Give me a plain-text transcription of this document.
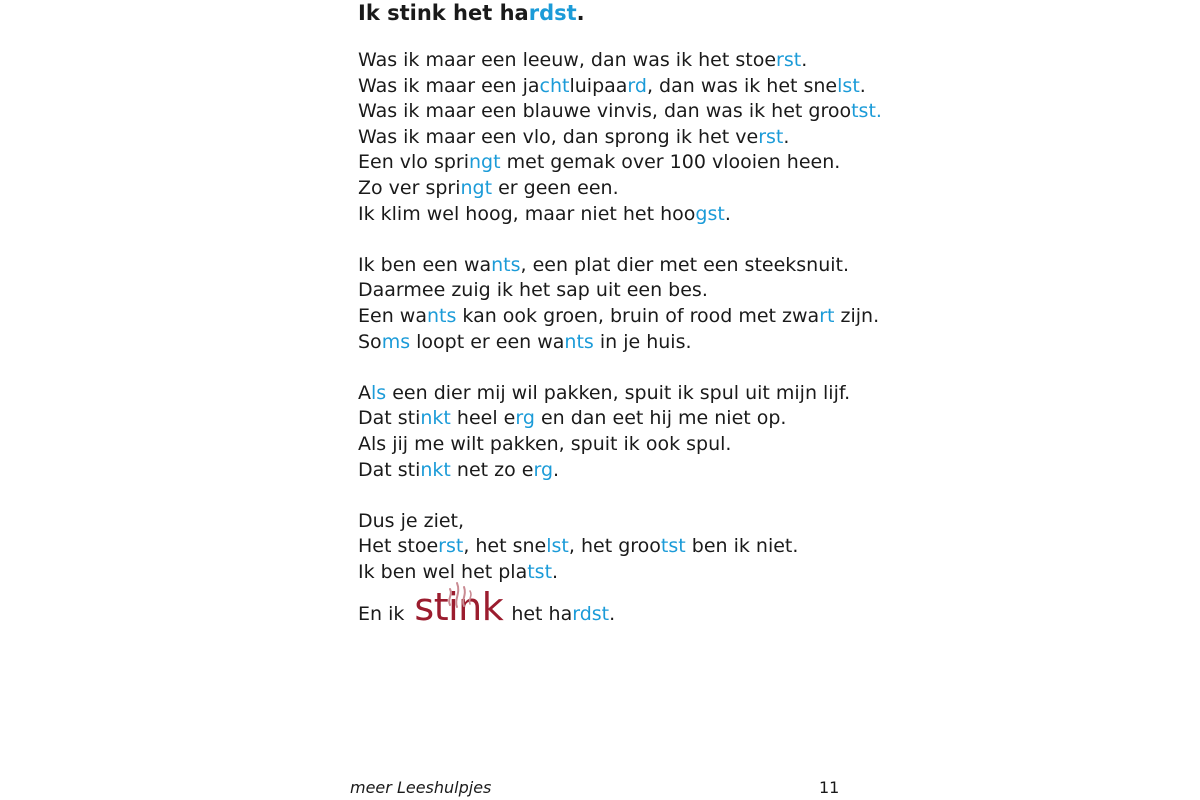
Ik stink het hardst.
Was ik maar een leeuw, dan was ik het stoerst.
Was ik maar een jachtluipaard, dan was ik het snelst.
Was ik maar een blauwe vinvis, dan was ik het grootst.
Was ik maar een vlo, dan sprong ik het verst.
Een vlo springt met gemak over 100 vlooien heen.
Zo ver springt er geen een.
Ik klim wel hoog, maar niet het hoogst.
Ik ben een wants, een plat dier met een steeksnuit.
Daarmee zuig ik het sap uit een bes.
Een wants kan ook groen, bruin of rood met zwart zijn.
Soms loopt er een wants in je huis.
Als een dier mij wil pakken, spuit ik spul uit mijn lijf.
Dat stinkt heel erg en dan eet hij me niet op.
Als jij me wilt pakken, spuit ik ook spul.
Dat stinkt net zo erg.
Dus je ziet,
Het stoerst, het snelst, het grootst ben ik niet.
Ik ben wel het platst.
En ik
stink het hardst.
meer Leeshulpjes	11
